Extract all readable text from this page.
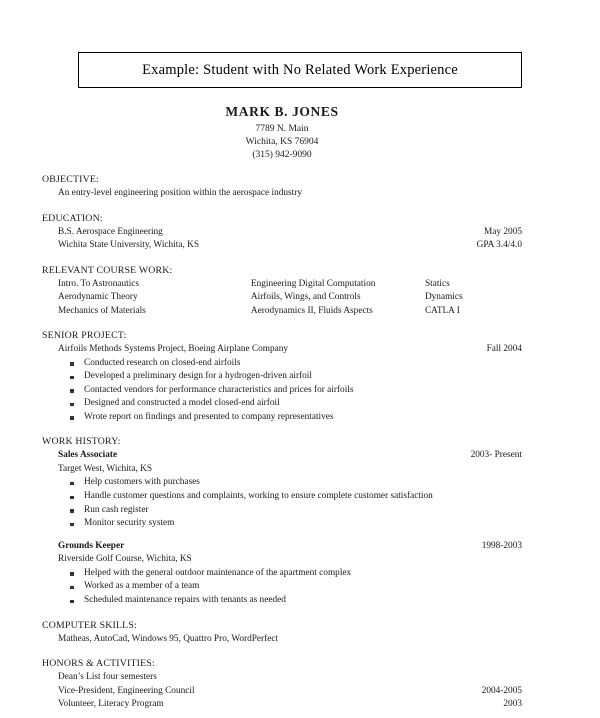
Example: Student with No Related Work Experience
MARK B. JONES
7789 N. Main
Wichita, KS 76904
(315) 942-9090
OBJECTIVE:
An entry-level engineering position within the aerospace industry
EDUCATION:
B.S. Aerospace Engineering	May 2005
Wichita State University, Wichita, KS	GPA 3.4/4.0
RELEVANT COURSE WORK:
Intro. To Astronautics	Engineering Digital Computation	Statics
Aerodynamic Theory	Airfoils, Wings, and Controls	Dynamics
Mechanics of Materials	Aerodynamics II, Fluids Aspects	CATLA I
SENIOR PROJECT:
Airfoils Methods Systems Project, Boeing Airplane Company	Fall 2004
Conducted research on closed-end airfoils
Developed a preliminary design for a hydrogen-driven airfoil
Contacted vendors for performance characteristics and prices for airfoils
Designed and constructed a model closed-end airfoil
Wrote report on findings and presented to company representatives
WORK HISTORY:
Sales Associate	2003- Present
Target West, Wichita, KS
Help customers with purchases
Handle customer questions and complaints, working to ensure complete customer satisfaction
Run cash register
Monitor security system
Grounds Keeper	1998-2003
Riverside Golf Course, Wichita, KS
Helped with the general outdoor maintenance of the apartment complex
Worked as a member of a team
Scheduled maintenance repairs with tenants as needed
COMPUTER SKILLS:
Matheas, AutoCad, Windows 95, Quattro Pro, WordPerfect
HONORS & ACTIVITIES:
Dean’s List four semesters
Vice-President, Engineering Council	2004-2005
Volunteer, Literacy Program	2003
